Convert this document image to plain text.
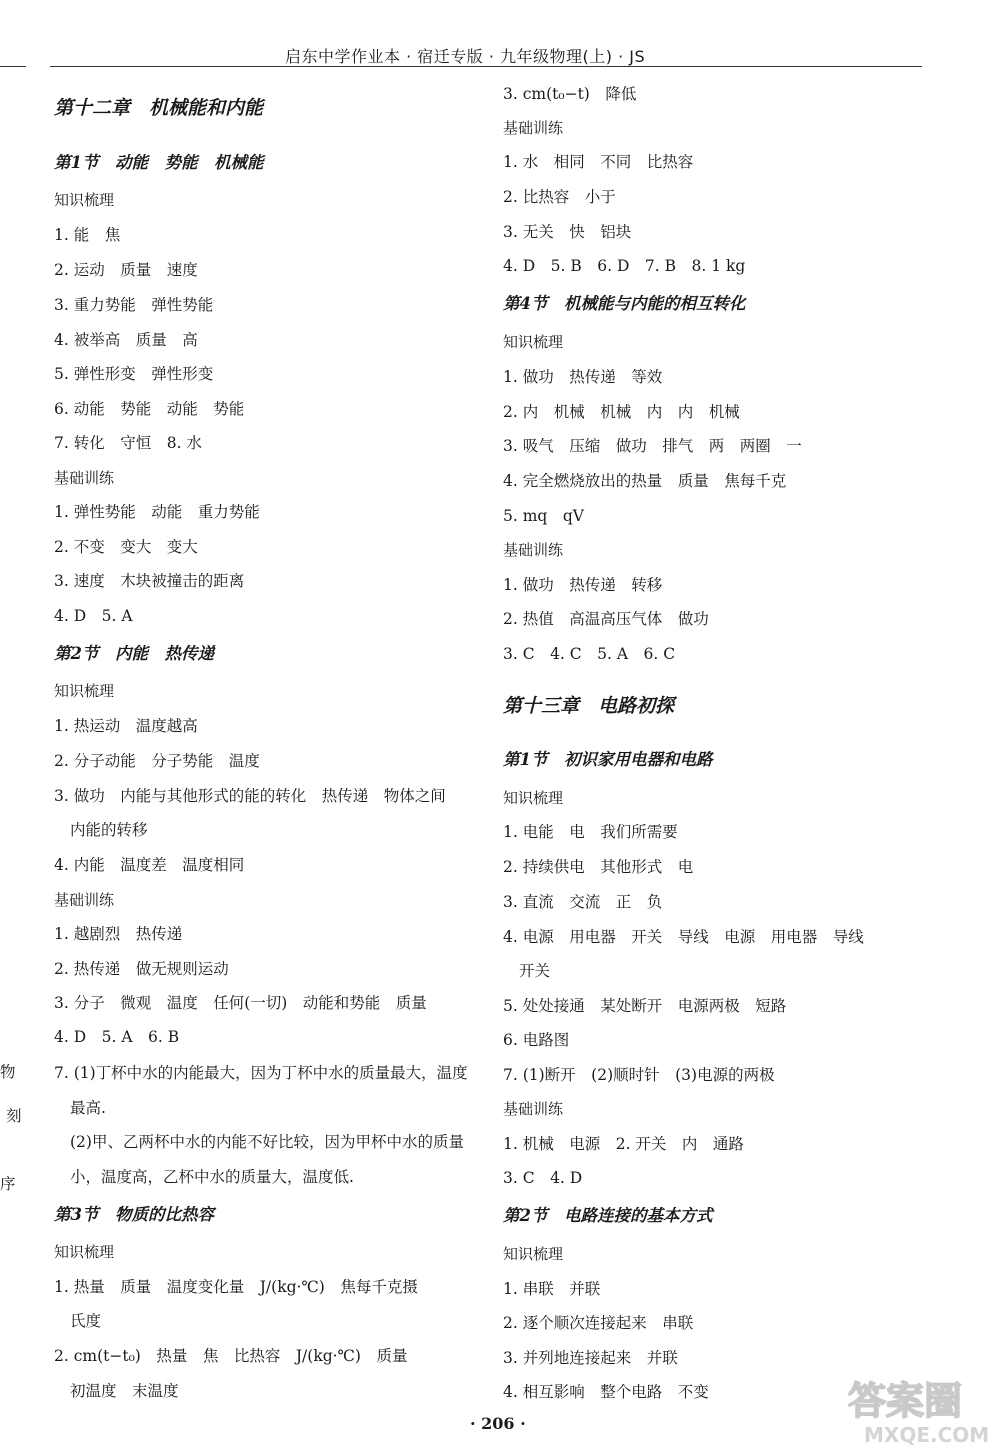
启东中学作业本 · 宿迁专版 · 九年级物理(上) · JS
物
刻
序
第十二章　机械能和内能
第1节　动能　势能　机械能
知识梳理
1. 能　焦
2. 运动　质量　速度
3. 重力势能　弹性势能
4. 被举高　质量　高
5. 弹性形变　弹性形变
6. 动能　势能　动能　势能
7. 转化　守恒　8. 水
基础训练
1. 弹性势能　动能　重力势能
2. 不变　变大　变大
3. 速度　木块被撞击的距离
4. D　5. A
第2节　内能　热传递
知识梳理
1. 热运动　温度越高
2. 分子动能　分子势能　温度
3. 做功　内能与其他形式的能的转化　热传递　物体之间
内能的转移
4. 内能　温度差　温度相同
基础训练
1. 越剧烈　热传递
2. 热传递　做无规则运动
3. 分子　微观　温度　任何(一切)　动能和势能　质量
4. D　5. A　6. B
7. (1)丁杯中水的内能最大，因为丁杯中水的质量最大，温度
最高.
(2)甲、乙两杯中水的内能不好比较，因为甲杯中水的质量
小，温度高，乙杯中水的质量大，温度低.
第3节　物质的比热容
知识梳理
1. 热量　质量　温度变化量　J/(kg·℃)　焦每千克摄
氏度
2. cm(t−t₀)　热量　焦　比热容　J/(kg·℃)　质量
初温度　末温度
3. cm(t₀−t)　降低
基础训练
1. 水　相同　不同　比热容
2. 比热容　小于
3. 无关　快　铝块
4. D　5. B　6. D　7. B　8. 1 kg
第4节　机械能与内能的相互转化
知识梳理
1. 做功　热传递　等效
2. 内　机械　机械　内　内　机械
3. 吸气　压缩　做功　排气　两　两圈　一
4. 完全燃烧放出的热量　质量　焦每千克
5. mq　qV
基础训练
1. 做功　热传递　转移
2. 热值　高温高压气体　做功
3. C　4. C　5. A　6. C
第十三章　电路初探
第1节　初识家用电器和电路
知识梳理
1. 电能　电　我们所需要
2. 持续供电　其他形式　电
3. 直流　交流　正　负
4. 电源　用电器　开关　导线　电源　用电器　导线
开关
5. 处处接通　某处断开　电源两极　短路
6. 电路图
7. (1)断开　(2)顺时针　(3)电源的两极
基础训练
1. 机械　电源　2. 开关　内　通路
3. C　4. D
第2节　电路连接的基本方式
知识梳理
1. 串联　并联
2. 逐个顺次连接起来　串联
3. 并列地连接起来　并联
4. 相互影响　整个电路　不变
· 206 ·
答案圈
MXQE.COM
